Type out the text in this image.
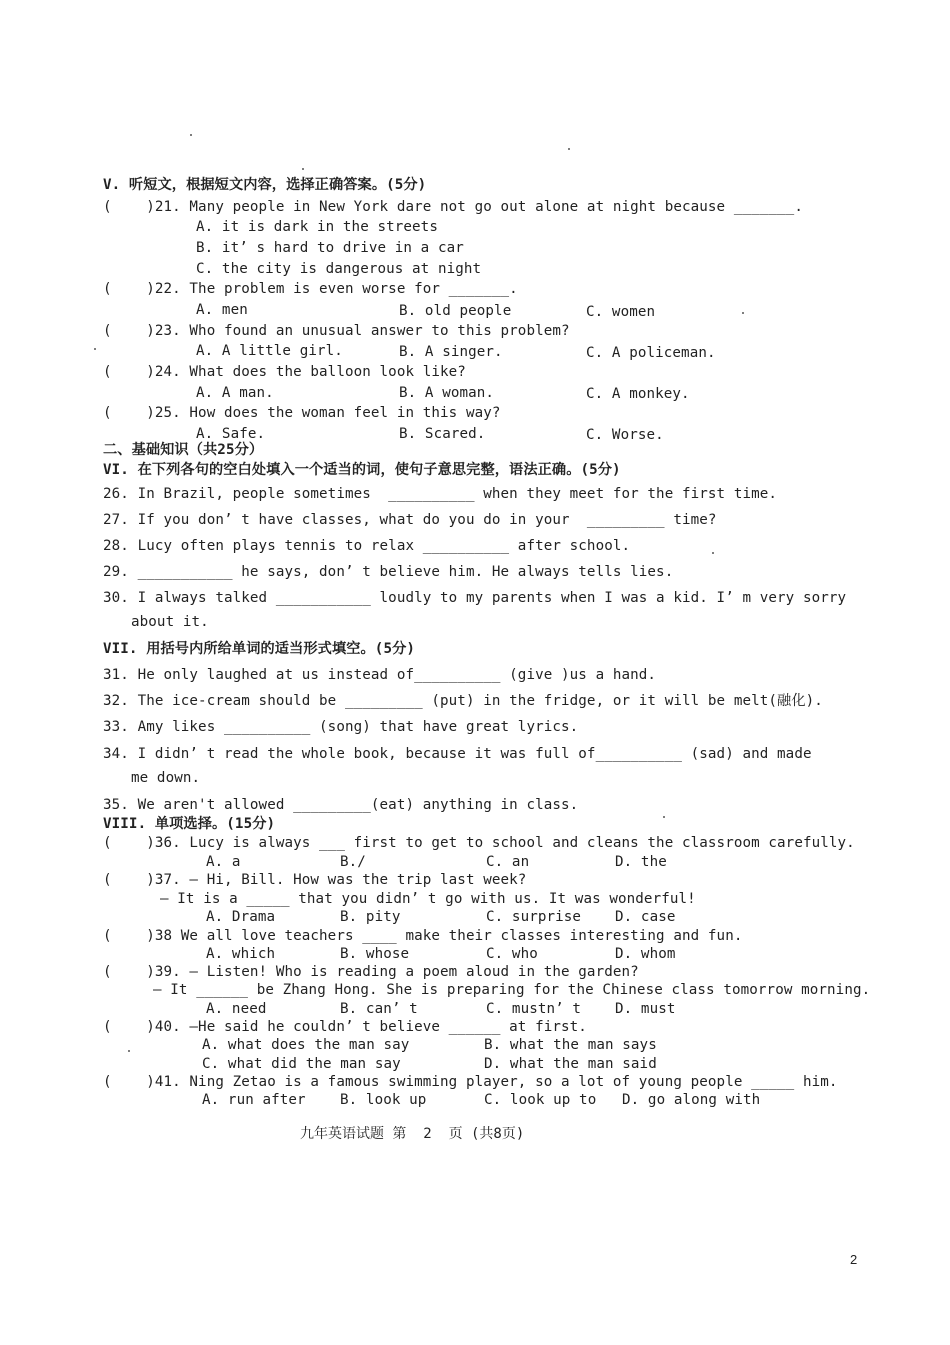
V. 听短文，根据短文内容，选择正确答案。(5分)
(    )21. Many people in New York dare not go out alone at night because _______.
A. it is dark in the streets
B. it’ s hard to drive in a car
C. the city is dangerous at night
(    )22. The problem is even worse for _______.
A. men	B. old people	C. women
(    )23. Who found an unusual answer to this problem?
A. A little girl.	B. A singer.	C. A policeman.
(    )24. What does the balloon look like?
A. A man.	B. A woman.	C. A monkey.
(    )25. How does the woman feel in this way?
A. Safe.	B. Scared.	C. Worse.
二、基础知识（共25分）
VI. 在下列各句的空白处填入一个适当的词，使句子意思完整，语法正确。(5分)
26. In Brazil, people sometimes  __________ when they meet for the first time.
27. If you don’ t have classes, what do you do in your  _________ time?
28. Lucy often plays tennis to relax __________ after school.
29. ___________ he says, don’ t believe him. He always tells lies.
30. I always talked ___________ loudly to my parents when I was a kid. I’ m very sorry
about it.
VII. 用括号内所给单词的适当形式填空。(5分)
31. He only laughed at us instead of__________ (give )us a hand.
32. The ice-cream should be _________ (put) in the fridge, or it will be melt(融化).
33. Amy likes __________ (song) that have great lyrics.
34. I didn’ t read the whole book, because it was full of__________ (sad) and made
me down.
35. We aren't allowed _________(eat) anything in class.
VIII. 单项选择。(15分)
(    )36. Lucy is always ___ first to get to school and cleans the classroom carefully.
A. a	B./	C. an	D. the
(    )37. — Hi, Bill. How was the trip last week?
— It is a _____ that you didn’ t go with us. It was wonderful!
A. Drama	B. pity	C. surprise D. case
(    )38 We all love teachers ____ make their classes interesting and fun.
A. which	B. whose	C. who	D. whom
(    )39. — Listen! Who is reading a poem aloud in the garden?
— It ______ be Zhang Hong. She is preparing for the Chinese class tomorrow morning.
A. need	B. can’ t	C. mustn’ t D. must
(    )40. —He said he couldn’ t believe ______ at first.
A. what does the man say	B. what the man says
C. what did the man say	D. what the man said
(    )41. Ning Zetao is a famous swimming player, so a lot of young people _____ him.
A. run after B. look up	C. look up to D. go along with
九年英语试题 第  2  页 (共8页)
2
